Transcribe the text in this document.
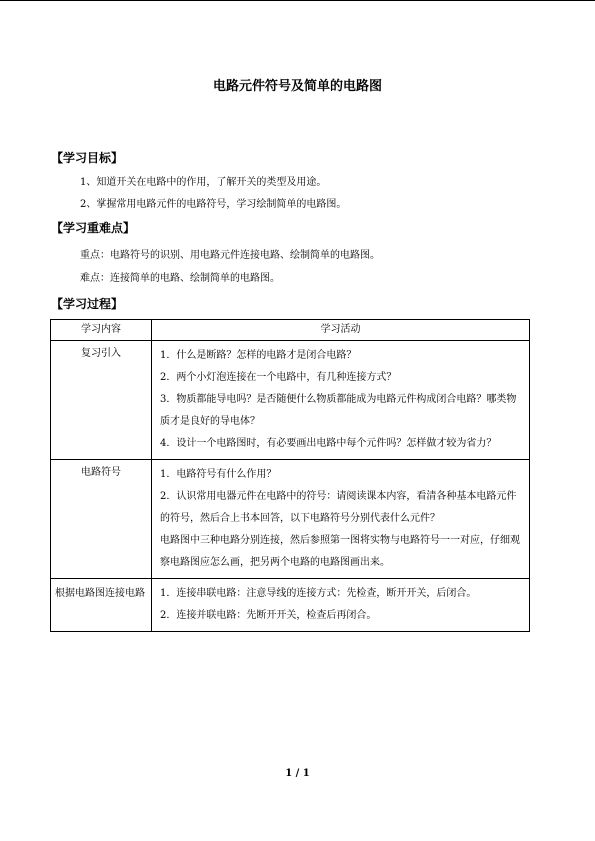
电路元件符号及简单的电路图
【学习目标】
1、知道开关在电路中的作用，了解开关的类型及用途。
2、掌握常用电路元件的电路符号，学习绘制简单的电路图。
【学习重难点】
重点：电路符号的识别、用电路元件连接电路、绘制简单的电路图。
难点：连接简单的电路、绘制简单的电路图。
【学习过程】
学习内容	学习活动
复习引入	1．什么是断路？怎样的电路才是闭合电路？

2．两个小灯泡连接在一个电路中，有几种连接方式？

3．物质都能导电吗？是否随便什么物质都能成为电路元件构成闭合电路？哪类物质才是良好的导电体？

4．设计一个电路图时，有必要画出电路中每个元件吗？怎样做才较为省力？

电路符号	1．电路符号有什么作用？

2．认识常用电器元件在电路中的符号：请阅读课本内容，看清各种基本电路元件的符号，然后合上书本回答，以下电路符号分别代表什么元件？

电路图中三种电路分别连接，然后参照第一图将实物与电路符号一一对应，仔细观察电路图应怎么画，把另两个电路的电路图画出来。

根据电路图连接电路	1．连接串联电路：注意导线的连接方式：先检查，断开开关，后闭合。

2．连接并联电路：先断开开关，检查后再闭合。

1 / 1
